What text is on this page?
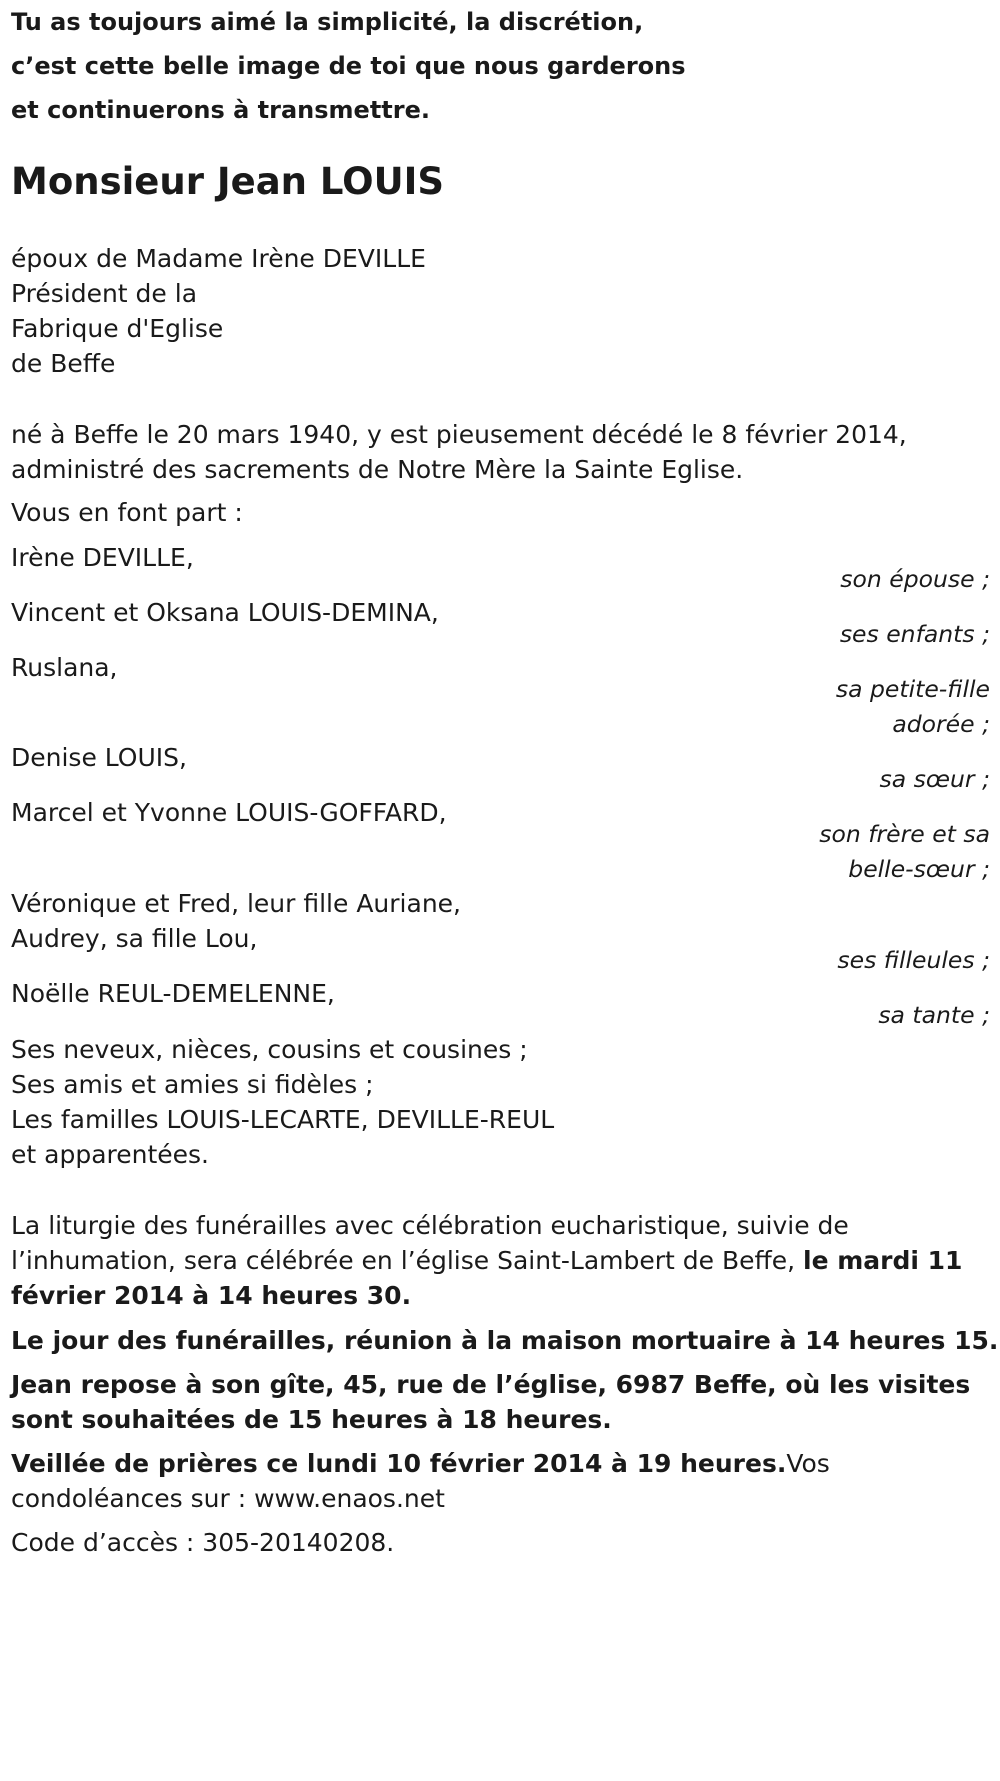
Tu as toujours aimé la simplicité, la discrétion,
c’est cette belle image de toi que nous garderons
et continuerons à transmettre.
Monsieur Jean LOUIS
époux de Madame Irène DEVILLE
Président de la
Fabrique d'Eglise
de Beffe
né à Beffe le 20 mars 1940, y est pieusement décédé le 8 février 2014,
administré des sacrements de Notre Mère la Sainte Eglise.
Vous en font part :
Irène DEVILLE,
son épouse ;
Vincent et Oksana LOUIS-DEMINA,
ses enfants ;
Ruslana,
sa petite-fille
adorée ;
Denise LOUIS,
sa sœur ;
Marcel et Yvonne LOUIS-GOFFARD,
son frère et sa
belle-sœur ;
Véronique et Fred, leur fille Auriane,
Audrey, sa fille Lou,
ses filleules ;
Noëlle REUL-DEMELENNE,
sa tante ;
Ses neveux, nièces, cousins et cousines ;
Ses amis et amies si fidèles ;
Les familles LOUIS-LECARTE, DEVILLE-REUL
et apparentées.
La liturgie des funérailles avec célébration eucharistique, suivie de
l’inhumation, sera célébrée en l’église Saint-Lambert de Beffe, le mardi 11
février 2014 à 14 heures 30.
Le jour des funérailles, réunion à la maison mortuaire à 14 heures 15.
Jean repose à son gîte, 45, rue de l’église, 6987 Beffe, où les visites
sont souhaitées de 15 heures à 18 heures.
Veillée de prières ce lundi 10 février 2014 à 19 heures.Vos
condoléances sur : www.enaos.net
Code d’accès : 305-20140208.
